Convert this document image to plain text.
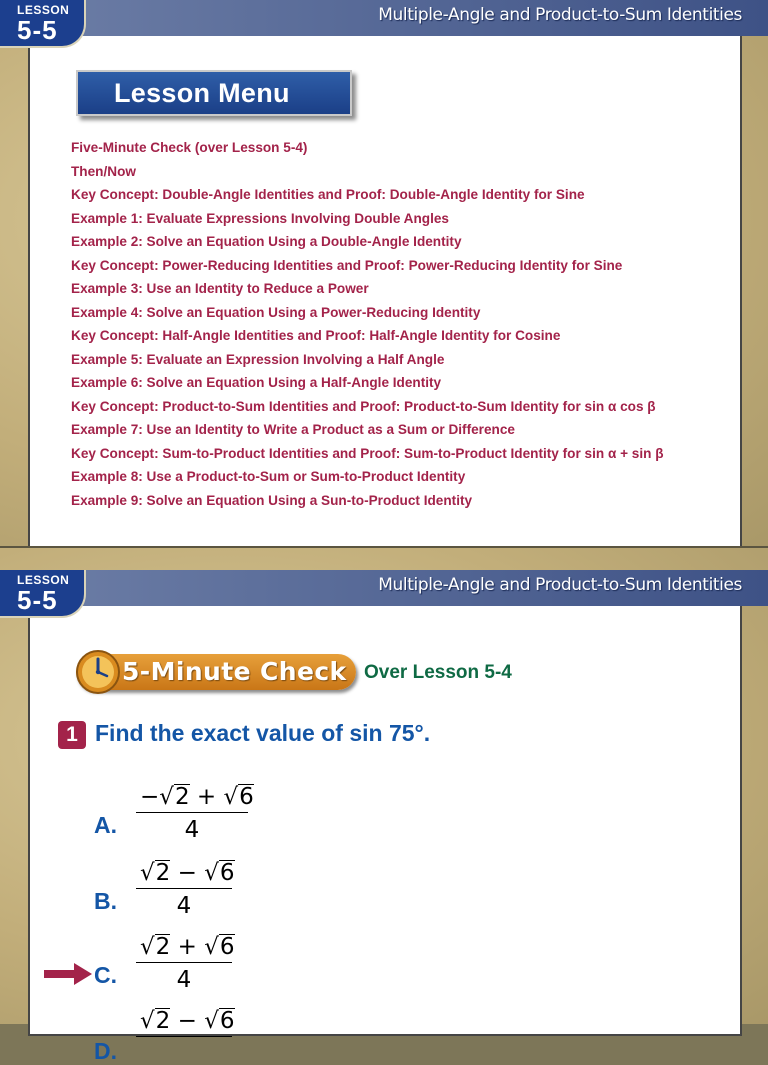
Multiple-Angle and Product-to-Sum Identities
LESSON
5-5
Lesson Menu
Five-Minute Check (over Lesson 5-4)
Then/Now
Key Concept: Double-Angle Identities and Proof: Double-Angle Identity for Sine
Example 1: Evaluate Expressions Involving Double Angles
Example 2: Solve an Equation Using a Double-Angle Identity
Key Concept: Power-Reducing Identities and Proof: Power-Reducing Identity for Sine
Example 3: Use an Identity to Reduce a Power
Example 4: Solve an Equation Using a Power-Reducing Identity
Key Concept: Half-Angle Identities and Proof: Half-Angle Identity for Cosine
Example 5: Evaluate an Expression Involving a Half Angle
Example 6: Solve an Equation Using a Half-Angle Identity
Key Concept: Product-to-Sum Identities and Proof: Product-to-Sum Identity for sin α cos β
Example 7: Use an Identity to Write a Product as a Sum or Difference
Key Concept: Sum-to-Product Identities and Proof: Sum-to-Product Identity for sin α + sin β
Example 8: Use a Product-to-Sum or Sum-to-Product Identity
Example 9: Solve an Equation Using a Sun-to-Product Identity
Multiple-Angle and Product-to-Sum Identities
LESSON
5-5
5-Minute Check Over Lesson 5-4
1 Find the exact value of sin 75°.
A. $\frac{-√2 + √6}{4}$
B. $\frac{√2 - √6}{4}$
C. $\frac{√2 + √6}{4}$
D.
√2 − √6
